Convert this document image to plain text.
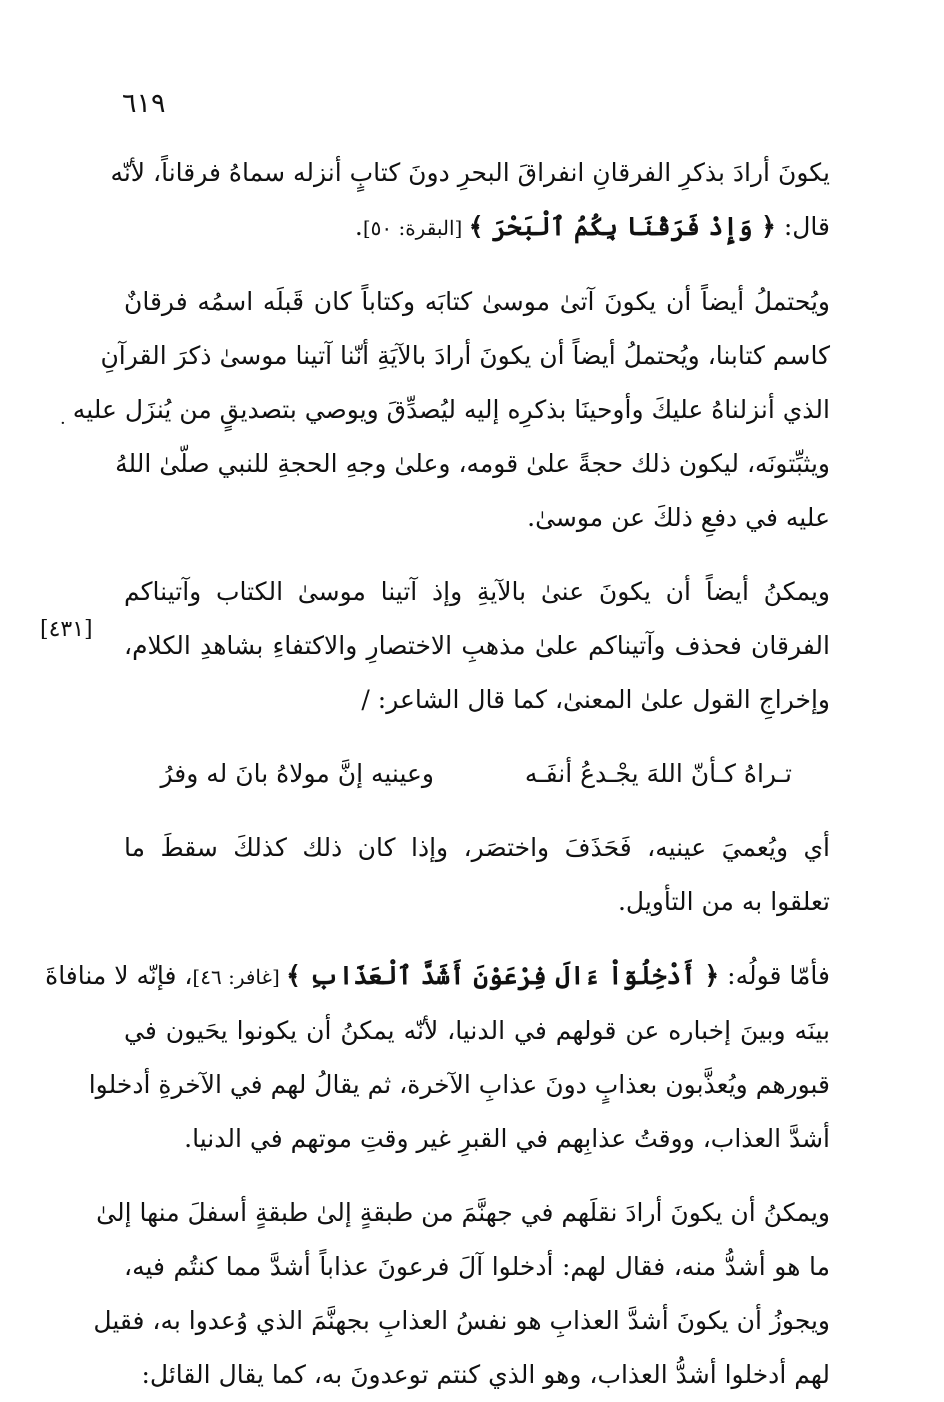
٦١٩
·
[٤٣١]
يكونَ أرادَ بذكرِ الفرقانِ انفراقَ البحرِ دونَ كتابٍ أنزله سماهُ فرقاناً، لأنّه
قال: ﴿ وَإِذْ فَرَقْنَا بِكُمُ ٱلْبَحْرَ ﴾ [البقرة: ٥٠].
ويُحتملُ أيضاً أن يكونَ آتىٰ موسىٰ كتابَه وكتاباً كان قَبلَه اسمُه فرقانٌ
كاسم كتابنا، ويُحتملُ أيضاً أن يكونَ أرادَ بالآيَةِ أنّنا آتينا موسىٰ ذكرَ القرآنِ
الذي أنزلناهُ عليكَ وأوحينَا بذكرِه إليه ليُصدِّقَ ويوصي بتصديقٍ من يُنزَل عليه
ويثبِّتونَه، ليكون ذلك حجةً علىٰ قومه، وعلىٰ وجهِ الحجةِ للنبي صلّىٰ اللهُ
عليه في دفعِ ذلكَ عن موسىٰ.
ويمكنُ أيضاً أن يكونَ عنىٰ بالآيةِ وإذ آتينا موسىٰ الكتاب وآتيناكم
الفرقان فحذف وآتيناكم علىٰ مذهبِ الاختصارِ والاكتفاءِ بشاهدِ الكلام،
وإخراجِ القول علىٰ المعنىٰ، كما قال الشاعر: /
تـراهُ كـأنّ اللهَ يجْـدعُ أنفَـه
وعينيه إنَّ مولاهُ بانَ له وفرُ
أي ويُعميَ عينيه، فَحَذَفَ واختصَر، وإذا كان ذلك كذلكَ سقطَ ما
تعلقوا به من التأويل.
فأمّا قولُه: ﴿ أَدْخِلُوٓاْ ءَالَ فِرْعَوْنَ أَشَدَّ ٱلْعَذَابِ ﴾ [غافر: ٤٦]، فإنّه لا منافاةَ
بينَه وبينَ إخباره عن قولهم في الدنيا، لأنّه يمكنُ أن يكونوا يحَيون في
قبورهم ويُعذَّبون بعذابٍ دونَ عذابِ الآخرة، ثم يقالُ لهم في الآخرةِ أدخلوا
أشدَّ العذاب، ووقتُ عذابِهم في القبرِ غير وقتِ موتهم في الدنيا.
ويمكنُ أن يكونَ أرادَ نقلَهم في جهنَّمَ من طبقةٍ إلىٰ طبقةٍ أسفلَ منها إلىٰ
ما هو أشدُّ منه، فقال لهم: أدخلوا آلَ فرعونَ عذاباً أشدَّ مما كنتُم فيه،
ويجوزُ أن يكونَ أشدَّ العذابِ هو نفسُ العذابِ بجهنَّمَ الذي وُعدوا به، فقيل
لهم أدخلوا أشدُّ العذاب، وهو الذي كنتم توعدونَ به، كما يقال القائل:
